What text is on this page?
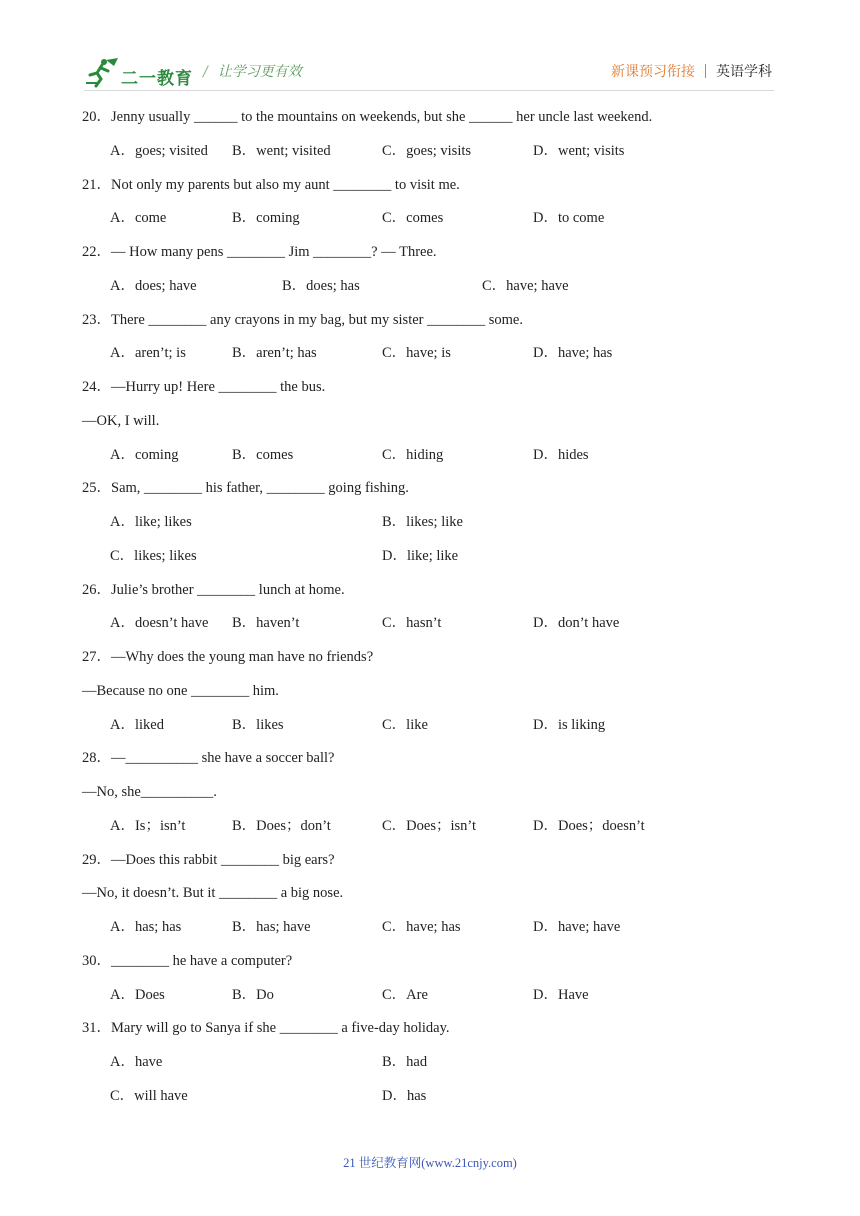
二一教育 / 让学习更有效	新课预习衔接 英语学科
20．Jenny usually ______ to the mountains on weekends, but she ______ her uncle last weekend.
A．goes; visited B．went; visited	C．goes; visits	D．went; visits
21．Not only my parents but also my aunt ________ to visit me.
A．come	B．coming	C．comes	D．to come
22．— How many pens ________ Jim ________? — Three.
A．does; have	B．does; has	C．have; have
23．There ________ any crayons in my bag, but my sister ________ some.
A．aren’t; is	B．aren’t; has	C．have; is	D．have; has
24．—Hurry up! Here ________ the bus.
—OK, I will.
A．coming	B．comes	C．hiding	D．hides
25．Sam, ________ his father, ________ going fishing.
A．like; likes	B．likes; like
C．likes; likes	D．like; like
26．Julie’s brother ________ lunch at home.
A．doesn’t have B．haven’t	C．hasn’t	D．don’t have
27．—Why does the young man have no friends?
—Because no one ________ him.
A．liked	B．likes	C．like	D．is liking
28．—__________ she have a soccer ball?
—No, she__________.
A．Is；isn’t	B．Does；don’t	C．Does；isn’t	D．Does；doesn’t
29．—Does this rabbit ________ big ears?
—No, it doesn’t. But it ________ a big nose.
A．has; has	B．has; have	C．have; has	D．have; have
30．________ he have a computer?
A．Does	B．Do	C．Are	D．Have
31．Mary will go to Sanya if she ________ a five-day holiday.
A．have	B．had
C．will have	D．has
21 世纪教育网(www.21cnjy.com)
